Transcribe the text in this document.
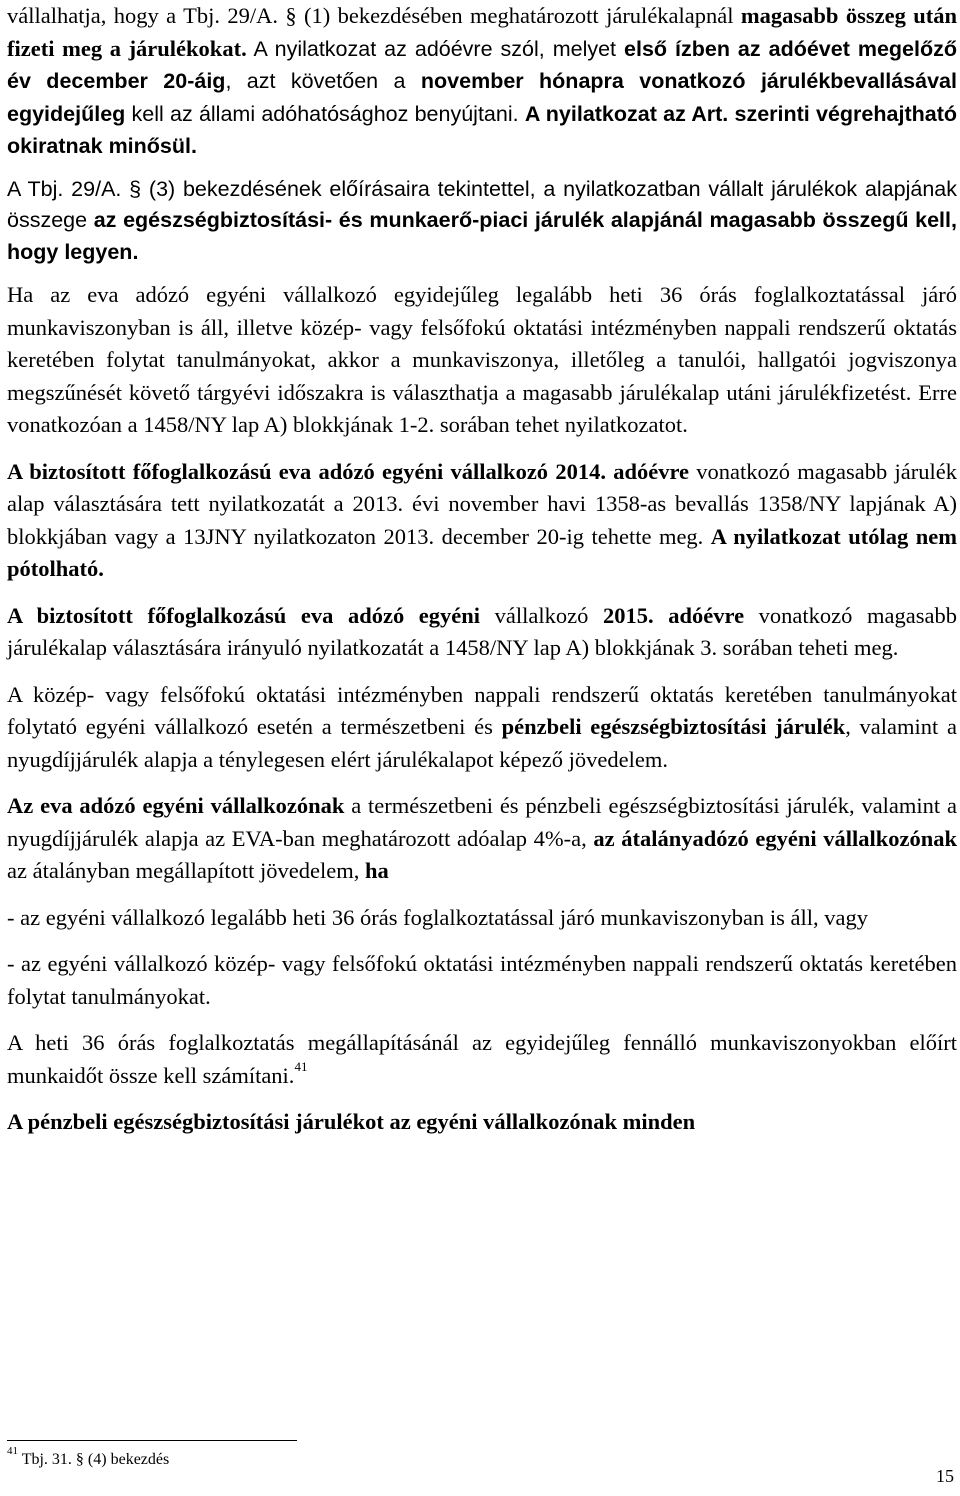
vállalhatja, hogy a Tbj. 29/A. § (1) bekezdésében meghatározott járulékalapnál magasabb összeg után fizeti meg a járulékokat. A nyilatkozat az adóévre szól, melyet első ízben az adóévet megelőző év december 20-áig, azt követően a november hónapra vonatkozó járulékbevallásával egyidejűleg kell az állami adóhatósághoz benyújtani. A nyilatkozat az Art. szerinti végrehajtható okiratnak minősül.

A Tbj. 29/A. § (3) bekezdésének előírásaira tekintettel, a nyilatkozatban vállalt járulékok alapjának összege az egészségbiztosítási- és munkaerő-piaci járulék alapjánál magasabb összegű kell, hogy legyen.

Ha az eva adózó egyéni vállalkozó egyidejűleg legalább heti 36 órás foglalkoztatással járó munkaviszonyban is áll, illetve közép- vagy felsőfokú oktatási intézményben nappali rendszerű oktatás keretében folytat tanulmányokat, akkor a munkaviszonya, illetőleg a tanulói, hallgatói jogviszonya megszűnését követő tárgyévi időszakra is választhatja a magasabb járulékalap utáni járulékfizetést. Erre vonatkozóan a 1458/NY lap A) blokkjának 1-2. sorában tehet nyilatkozatot.

A biztosított főfoglalkozású eva adózó egyéni vállalkozó 2014. adóévre vonatkozó magasabb járulék alap választására tett nyilatkozatát a 2013. évi november havi 1358-as bevallás 1358/NY lapjának A) blokkjában vagy a 13JNY nyilatkozaton 2013. december 20-ig tehette meg. A nyilatkozat utólag nem pótolható.

A biztosított főfoglalkozású eva adózó egyéni vállalkozó 2015. adóévre vonatkozó magasabb járulékalap választására irányuló nyilatkozatát a 1458/NY lap A) blokkjának 3. sorában teheti meg.

A közép- vagy felsőfokú oktatási intézményben nappali rendszerű oktatás keretében tanulmányokat folytató egyéni vállalkozó esetén a természetbeni és pénzbeli egészségbiztosítási járulék, valamint a nyugdíjjárulék alapja a ténylegesen elért járulékalapot képező jövedelem.

Az eva adózó egyéni vállalkozónak a természetbeni és pénzbeli egészségbiztosítási járulék, valamint a nyugdíjjárulék alapja az EVA-ban meghatározott adóalap 4%-a, az átalányadózó egyéni vállalkozónak az átalányban megállapított jövedelem, ha

- az egyéni vállalkozó legalább heti 36 órás foglalkoztatással járó munkaviszonyban is áll, vagy

- az egyéni vállalkozó közép- vagy felsőfokú oktatási intézményben nappali rendszerű oktatás keretében folytat tanulmányokat.

A heti 36 órás foglalkoztatás megállapításánál az egyidejűleg fennálló munkaviszonyokban előírt munkaidőt össze kell számítani.$^{41}$

A pénzbeli egészségbiztosítási járulékot az egyéni vállalkozónak minden

$^{41}$ Tbj. 31. § (4) bekezdés
15
